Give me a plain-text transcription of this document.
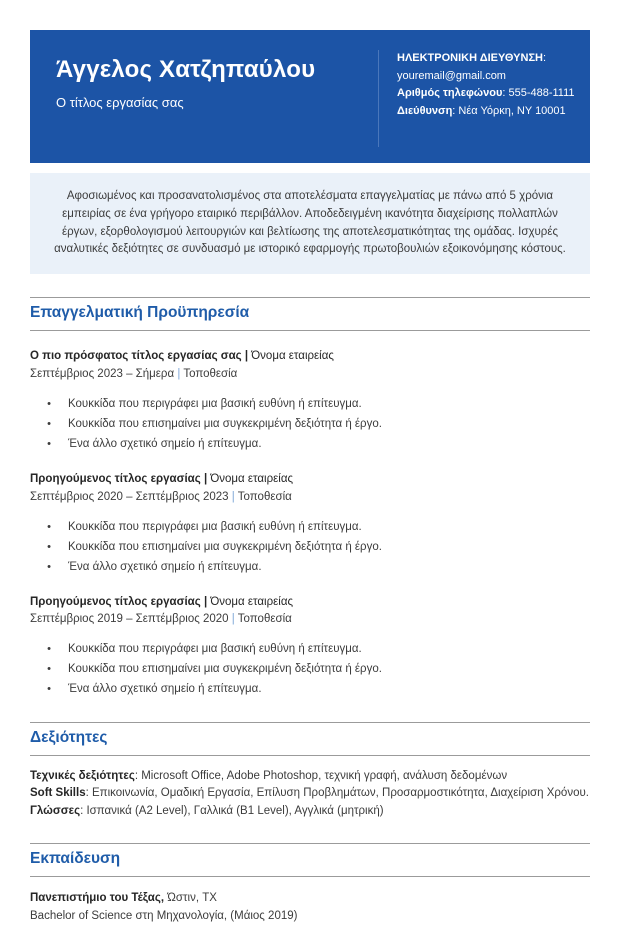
Άγγελος Χατζηπαύλου
Ο τίτλος εργασίας σας
ΗΛΕΚΤΡΟΝΙΚΗ ΔΙΕΥΘΥΝΣΗ: youremail@gmail.com
Αριθμός τηλεφώνου: 555-488-1111
Διεύθυνση: Νέα Υόρκη, NY 10001
Αφοσιωμένος και προσανατολισμένος στα αποτελέσματα επαγγελματίας με πάνω από 5 χρόνια εμπειρίας σε ένα γρήγορο εταιρικό περιβάλλον. Αποδεδειγμένη ικανότητα διαχείρισης πολλαπλών έργων, εξορθολογισμού λειτουργιών και βελτίωσης της αποτελεσματικότητας της ομάδας. Ισχυρές αναλυτικές δεξιότητες σε συνδυασμό με ιστορικό εφαρμογής πρωτοβουλιών εξοικονόμησης κόστους.
Επαγγελματική Προϋπηρεσία
Ο πιο πρόσφατος τίτλος εργασίας σας | Όνομα εταιρείας
Σεπτέμβριος 2023 – Σήμερα | Τοποθεσία
•
Κουκκίδα που περιγράφει μια βασική ευθύνη ή επίτευγμα.
•
Κουκκίδα που επισημαίνει μια συγκεκριμένη δεξιότητα ή έργο.
•
Ένα άλλο σχετικό σημείο ή επίτευγμα.
Προηγούμενος τίτλος εργασίας | Όνομα εταιρείας
Σεπτέμβριος 2020 – Σεπτέμβριος 2023 | Τοποθεσία
•
Κουκκίδα που περιγράφει μια βασική ευθύνη ή επίτευγμα.
•
Κουκκίδα που επισημαίνει μια συγκεκριμένη δεξιότητα ή έργο.
•
Ένα άλλο σχετικό σημείο ή επίτευγμα.
Προηγούμενος τίτλος εργασίας | Όνομα εταιρείας
Σεπτέμβριος 2019 – Σεπτέμβριος 2020 | Τοποθεσία
•
Κουκκίδα που περιγράφει μια βασική ευθύνη ή επίτευγμα.
•
Κουκκίδα που επισημαίνει μια συγκεκριμένη δεξιότητα ή έργο.
•
Ένα άλλο σχετικό σημείο ή επίτευγμα.
Δεξιότητες
Τεχνικές δεξιότητες: Microsoft Office, Adobe Photoshop, τεχνική γραφή, ανάλυση δεδομένων
Soft Skills: Επικοινωνία, Ομαδική Εργασία, Επίλυση Προβλημάτων, Προσαρμοστικότητα, Διαχείριση Χρόνου.
Γλώσσες: Ισπανικά (A2 Level), Γαλλικά (B1 Level), Αγγλικά (μητρική)
Εκπαίδευση
Πανεπιστήμιο του Τέξας, Ώστιν, TX
Bachelor of Science στη Μηχανολογία, (Μάιος 2019)
